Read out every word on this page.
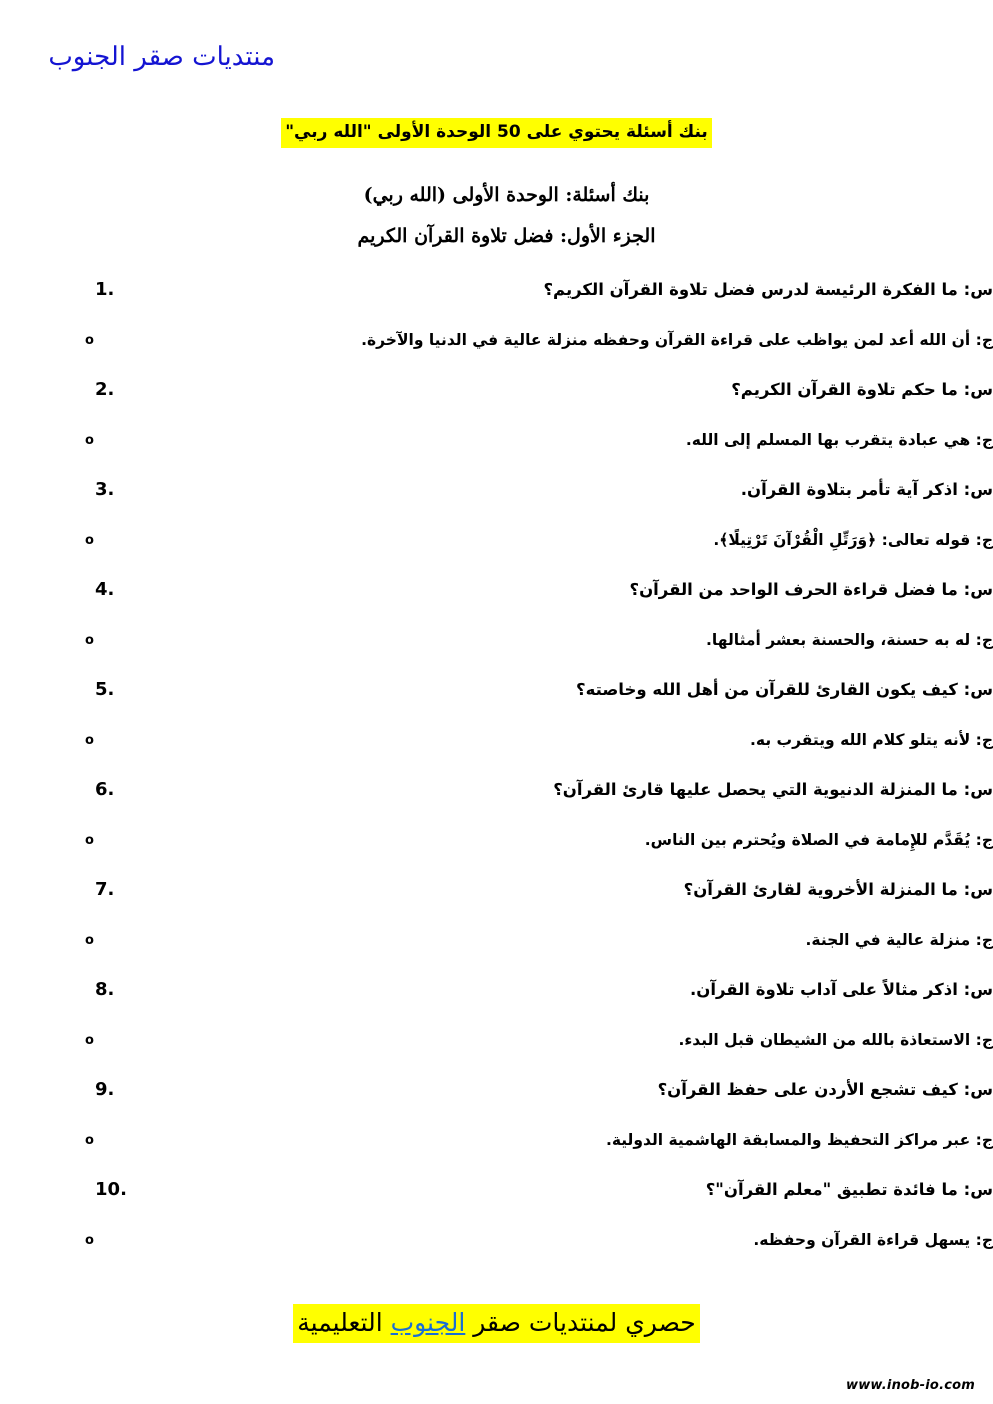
منتديات صقر الجنوب
بنك أسئلة يحتوي على 50 الوحدة الأولى "الله ربي"
بنك أسئلة: الوحدة الأولى (الله ربي)
الجزء الأول: فضل تلاوة القرآن الكريم
.1	س: ما الفكرة الرئيسة لدرس فضل تلاوة القرآن الكريم؟
o	ج: أن الله أعد لمن يواظب على قراءة القرآن وحفظه منزلة عالية في الدنيا والآخرة.
.2	س: ما حكم تلاوة القرآن الكريم؟
o	ج: هي عبادة يتقرب بها المسلم إلى الله.
.3	س: اذكر آية تأمر بتلاوة القرآن.
o	ج: قوله تعالى: ﴿وَرَتِّلِ الْقُرْآنَ تَرْتِيلًا﴾.
.4	س: ما فضل قراءة الحرف الواحد من القرآن؟
o	ج: له به حسنة، والحسنة بعشر أمثالها.
.5	س: كيف يكون القارئ للقرآن من أهل الله وخاصته؟
o	ج: لأنه يتلو كلام الله ويتقرب به.
.6	س: ما المنزلة الدنيوية التي يحصل عليها قارئ القرآن؟
o	ج: يُقَدَّم للإِمامة في الصلاة ويُحترم بين الناس.
.7	س: ما المنزلة الأخروية لقارئ القرآن؟
o	ج: منزلة عالية في الجنة.
.8	س: اذكر مثالاً على آداب تلاوة القرآن.
o	ج: الاستعاذة بالله من الشيطان قبل البدء.
.9	س: كيف تشجع الأردن على حفظ القرآن؟
o	ج: عبر مراكز التحفيظ والمسابقة الهاشمية الدولية.
.10	س: ما فائدة تطبيق "معلم القرآن"؟
o	ج: يسهل قراءة القرآن وحفظه.
حصري لمنتديات صقر الجنوب التعليمية
www.inob-io.com
